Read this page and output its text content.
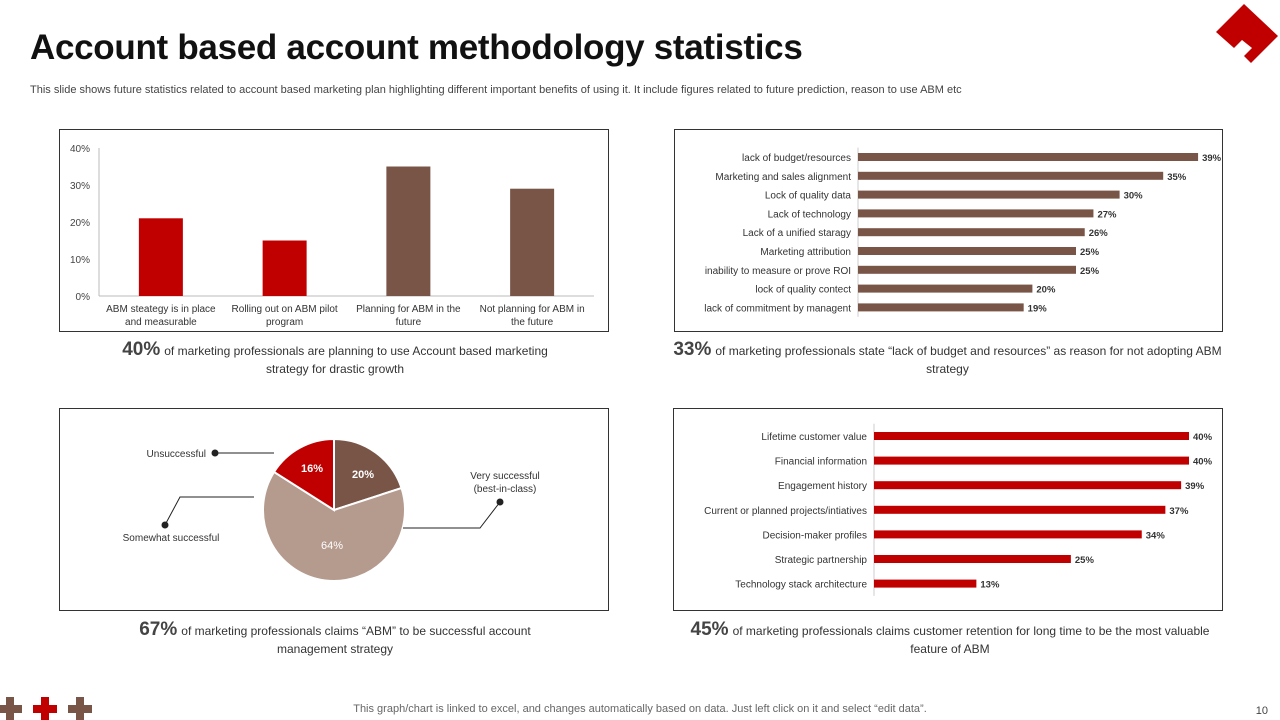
Account based account methodology statistics
This slide shows future statistics related to account based marketing plan highlighting different important benefits of using it. It include figures related to future prediction, reason to use ABM etc
0%
10%
20%
30%
40%
ABM steategy is in place
and measurable
Rolling out on ABM pilot
program
Planning for ABM in the
future
Not planning for ABM in
the future
lack of budget/resources	39%
Marketing and sales alignment	35%
Lock of quality data	30%
Lack of technology	27%
Lack of a unified staragy	26%
Marketing attribution	25%
inability to measure or prove ROI	25%
lock of quality contect	20%
lack of commitment by managent	19%
20%
64%
16%
Unsuccessful
Somewhat successful
Very successful
(best-in-class)
Lifetime customer value	40%
Financial information	40%
Engagement history	39%
Current or planned projects/intiatives	37%
Decision-maker profiles	34%
Strategic partnership	25%
Technology stack architecture	13%
40% of marketing professionals are planning to use Account based marketing strategy for drastic growth
33% of marketing professionals state “lack of budget and resources” as reason for not adopting ABM strategy
67% of marketing professionals claims “ABM” to be successful account management strategy
45% of marketing professionals claims customer retention for long time to be the most valuable feature of ABM
This graph/chart is linked to excel, and changes automatically based on data. Just left click on it and select “edit data”.	10
